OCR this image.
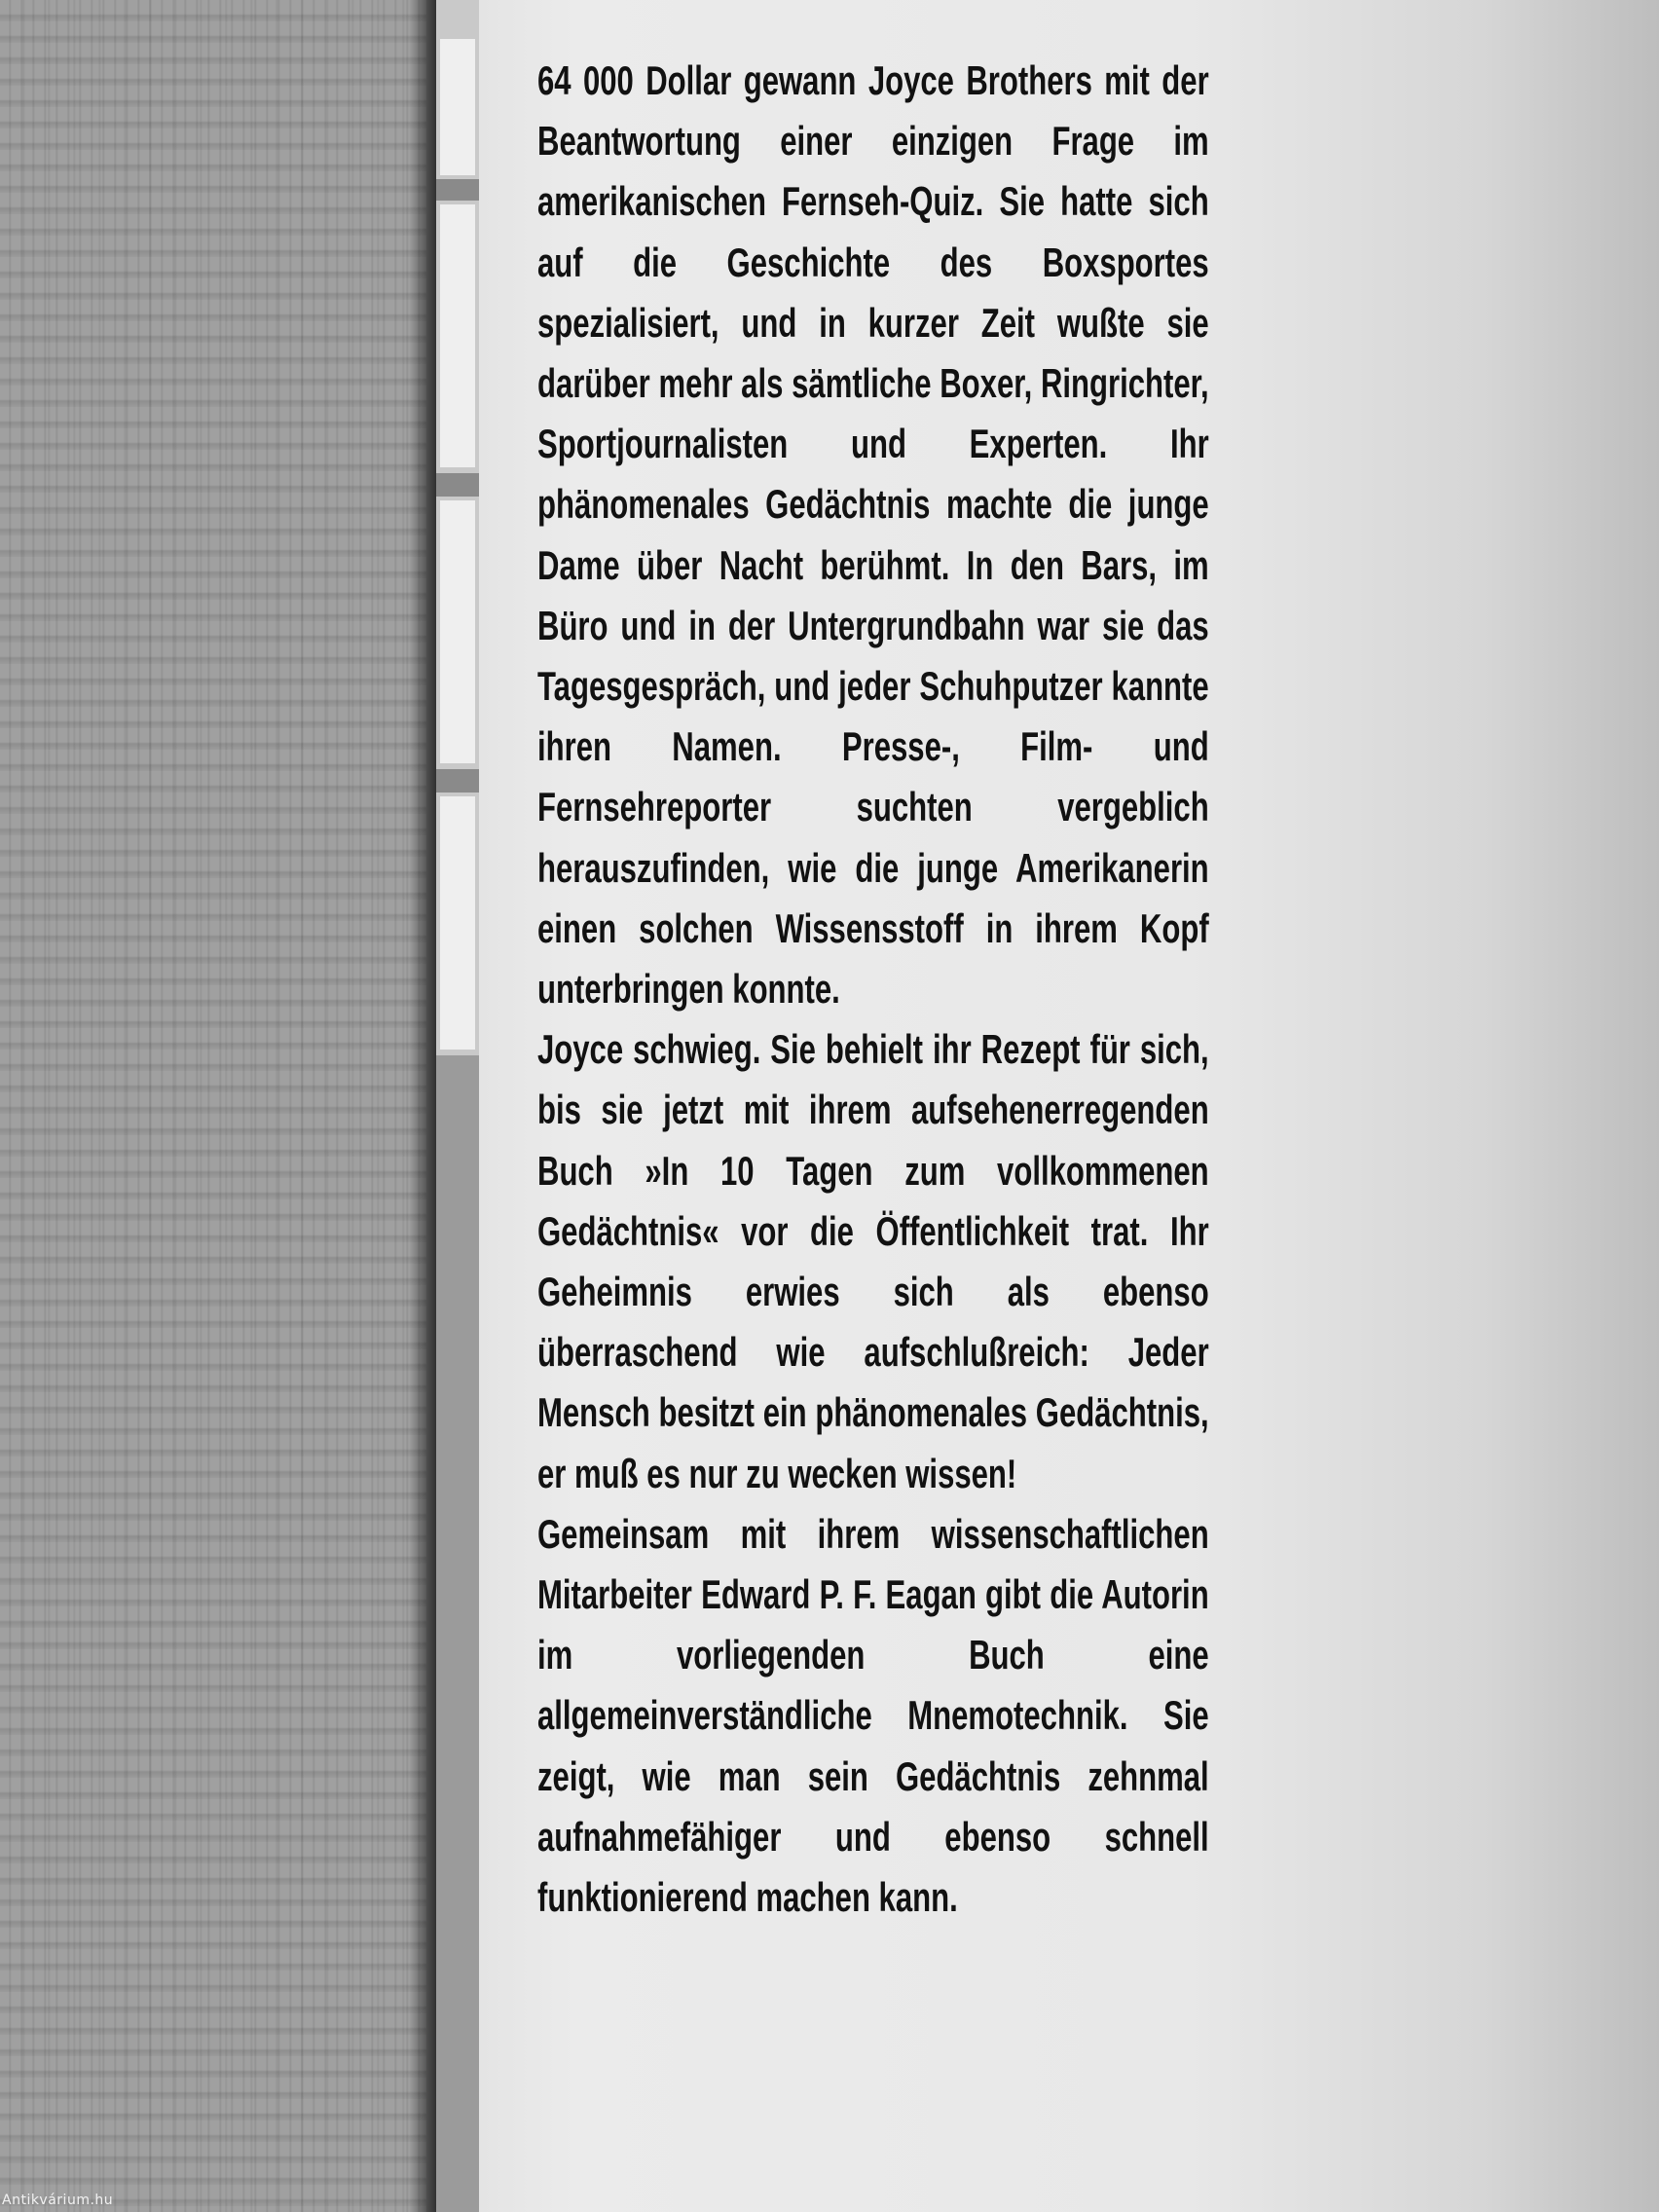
64 000 Dollar gewann Joyce Brothers mit der Beantwortung einer einzigen Frage im amerikanischen Fernseh-Quiz. Sie hatte sich auf die Geschichte des Boxsportes spezialisiert, und in kurzer Zeit wußte sie darüber mehr als sämtliche Boxer, Ringrichter, Sportjournalisten und Experten. Ihr phänomenales Gedächtnis machte die junge Dame über Nacht berühmt. In den Bars, im Büro und in der Untergrundbahn war sie das Tagesgespräch, und jeder Schuhputzer kannte ihren Namen. Presse-, Film- und Fernsehreporter suchten vergeblich herauszufinden, wie die junge Amerikanerin einen solchen Wissensstoff in ihrem Kopf unterbringen konnte.

Joyce schwieg. Sie behielt ihr Rezept für sich, bis sie jetzt mit ihrem aufsehenerregenden Buch »In 10 Tagen zum vollkommenen Gedächtnis« vor die Öffentlichkeit trat. Ihr Geheimnis erwies sich als ebenso überraschend wie aufschlußreich: Jeder Mensch besitzt ein phänomenales Gedächtnis, er muß es nur zu wecken wissen!

Gemeinsam mit ihrem wissenschaftlichen Mitarbeiter Edward P. F. Eagan gibt die Autorin im vorliegenden Buch eine allgemeinverständliche Mnemotechnik. Sie zeigt, wie man sein Gedächtnis zehnmal aufnahmefähiger und ebenso schnell funktionierend machen kann.

Antikvárium.hu
